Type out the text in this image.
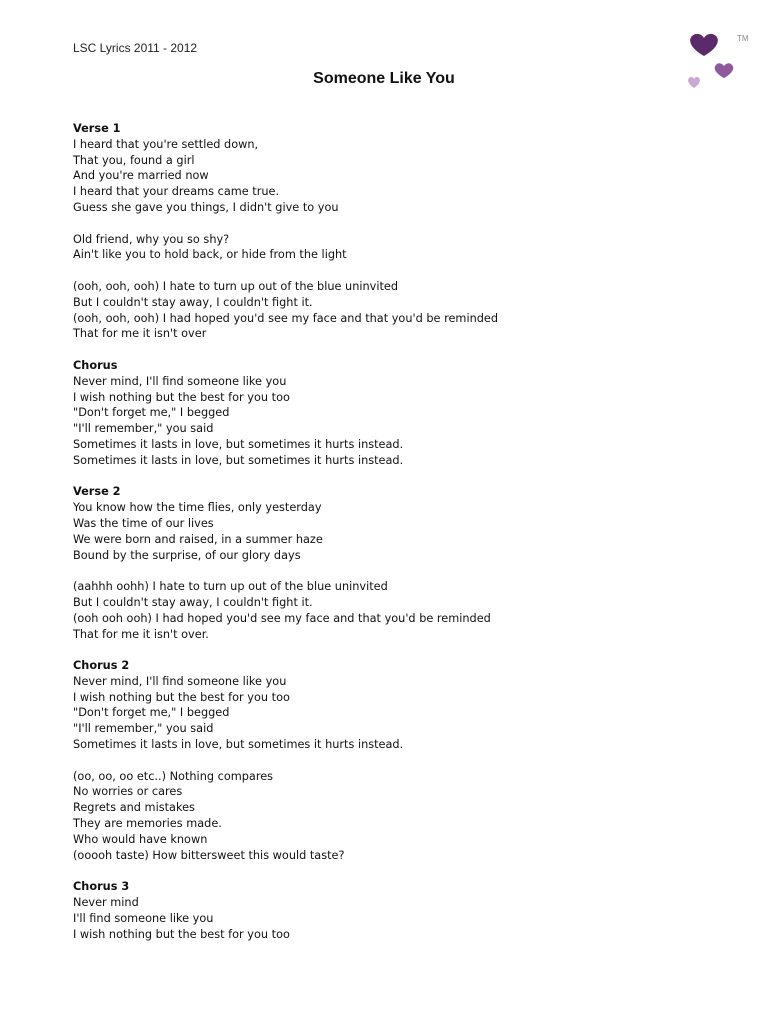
LSC Lyrics 2011 - 2012
Someone Like You
TM
Verse 1
I heard that you're settled down,
That you, found a girl
And you're married now
I heard that your dreams came true.
Guess she gave you things, I didn't give to you
Old friend, why you so shy?
Ain't like you to hold back, or hide from the light
(ooh, ooh, ooh) I hate to turn up out of the blue uninvited
But I couldn't stay away, I couldn't fight it.
(ooh, ooh, ooh) I had hoped you'd see my face and that you'd be reminded
That for me it isn't over
Chorus
Never mind, I'll find someone like you
I wish nothing but the best for you too
"Don't forget me," I begged
"I'll remember," you said
Sometimes it lasts in love, but sometimes it hurts instead.
Sometimes it lasts in love, but sometimes it hurts instead.
Verse 2
You know how the time flies, only yesterday
Was the time of our lives
We were born and raised, in a summer haze
Bound by the surprise, of our glory days
(aahhh oohh) I hate to turn up out of the blue uninvited
But I couldn't stay away, I couldn't fight it.
(ooh ooh ooh) I had hoped you'd see my face and that you'd be reminded
That for me it isn't over.
Chorus 2
Never mind, I'll find someone like you
I wish nothing but the best for you too
"Don't forget me," I begged
"I'll remember," you said
Sometimes it lasts in love, but sometimes it hurts instead.
(oo, oo, oo etc..) Nothing compares
No worries or cares
Regrets and mistakes
They are memories made.
Who would have known
(ooooh taste) How bittersweet this would taste?
Chorus 3
Never mind
I'll find someone like you
I wish nothing but the best for you too
